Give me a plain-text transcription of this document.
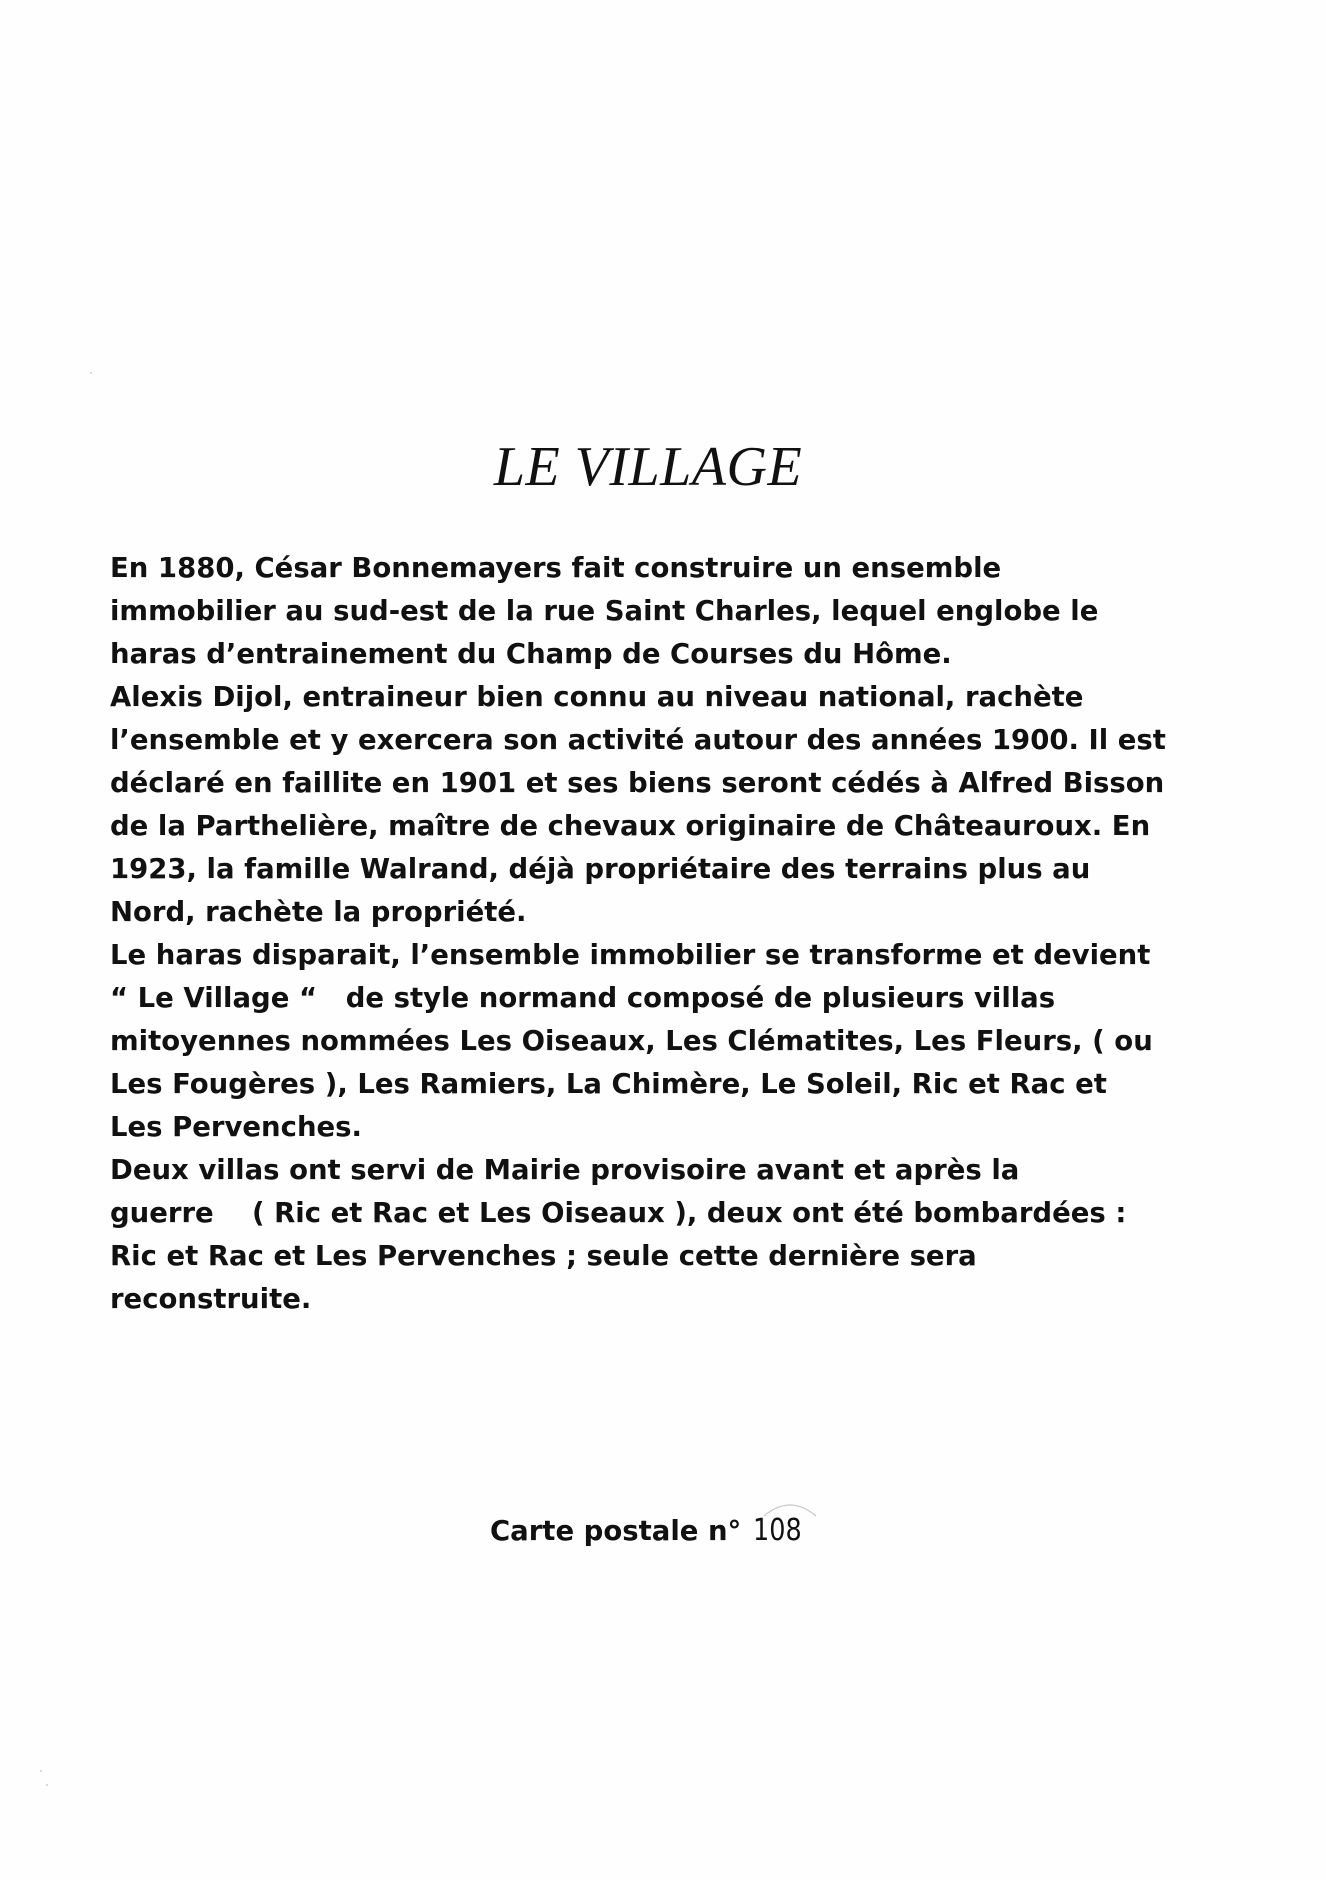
LE VILLAGE
En 1880, César Bonnemayers fait construire un ensemble
immobilier au sud-est de la rue Saint Charles, lequel englobe le
haras d’entrainement du Champ de Courses du Hôme.
Alexis Dijol, entraineur bien connu au niveau national, rachète
l’ensemble et y exercera son activité autour des années 1900. Il est
déclaré en faillite en 1901 et ses biens seront cédés à Alfred Bisson
de la Parthelière, maître de chevaux originaire de Châteauroux. En
1923, la famille Walrand, déjà propriétaire des terrains plus au
Nord, rachète la propriété.
Le haras disparait, l’ensemble immobilier se transforme et devient
“ Le Village “   de style normand composé de plusieurs villas
mitoyennes nommées Les Oiseaux, Les Clématites, Les Fleurs, ( ou
Les Fougères ), Les Ramiers, La Chimère, Le Soleil, Ric et Rac et
Les Pervenches.
Deux villas ont servi de Mairie provisoire avant et après la
guerre    ( Ric et Rac et Les Oiseaux ), deux ont été bombardées :
Ric et Rac et Les Pervenches ; seule cette dernière sera
reconstruite.
Carte postale n° 108
